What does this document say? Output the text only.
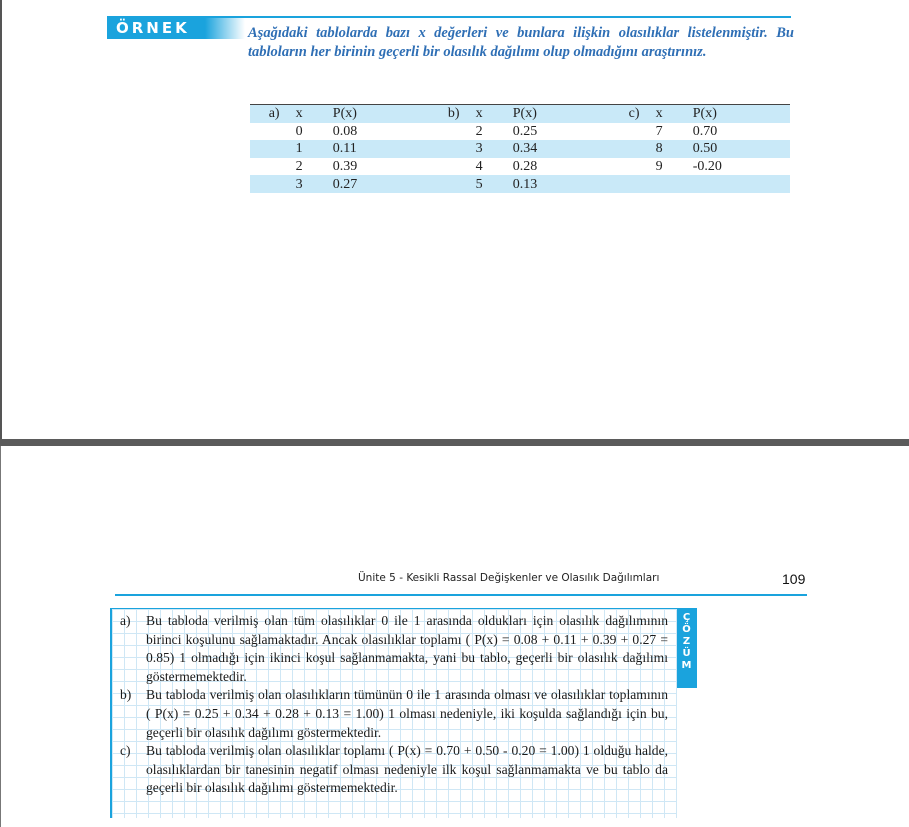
ÖRNEK 2
Aşağıdaki tablolarda bazı x değerleri ve bunlara ilişkin olasılıklar listelenmiştir. Bu tabloların her birinin geçerli bir olasılık dağılımı olup olmadığını araştırınız.
a)	x	P(x)	b)	x	P(x)	c)	x	P(x)
	0	0.08		2	0.25		7	0.70
	1	0.11		3	0.34		8	0.50
	2	0.39		4	0.28		9	-0.20
	3	0.27		5	0.13			
Ünite 5 - Kesikli Rassal Değişkenler ve Olasılık Dağılımları	109
Ç
Ö
Z
Ü
M
a) Bu tabloda verilmiş olan tüm olasılıklar 0 ile 1 arasında oldukları için olasılık dağılımının birinci koşulunu sağlamaktadır. Ancak olasılıklar toplamı ( P(x) = 0.08 + 0.11 + 0.39 + 0.27 = 0.85) 1 olmadığı için ikinci koşul sağlanmamakta, yani bu tablo, geçerli bir olasılık dağılımı göstermemektedir.
b) Bu tabloda verilmiş olan olasılıkların tümünün 0 ile 1 arasında olması ve olasılıklar toplamının ( P(x) = 0.25 + 0.34 + 0.28 + 0.13 = 1.00) 1 olması nedeniyle, iki koşulda sağlandığı için bu, geçerli bir olasılık dağılımı göstermektedir.
c) Bu tabloda verilmiş olan olasılıklar toplamı ( P(x) = 0.70 + 0.50 - 0.20 = 1.00) 1 olduğu halde, olasılıklardan bir tanesinin negatif olması nedeniyle ilk koşul sağlanmamakta ve bu tablo da geçerli bir olasılık dağılımı göstermemektedir.
